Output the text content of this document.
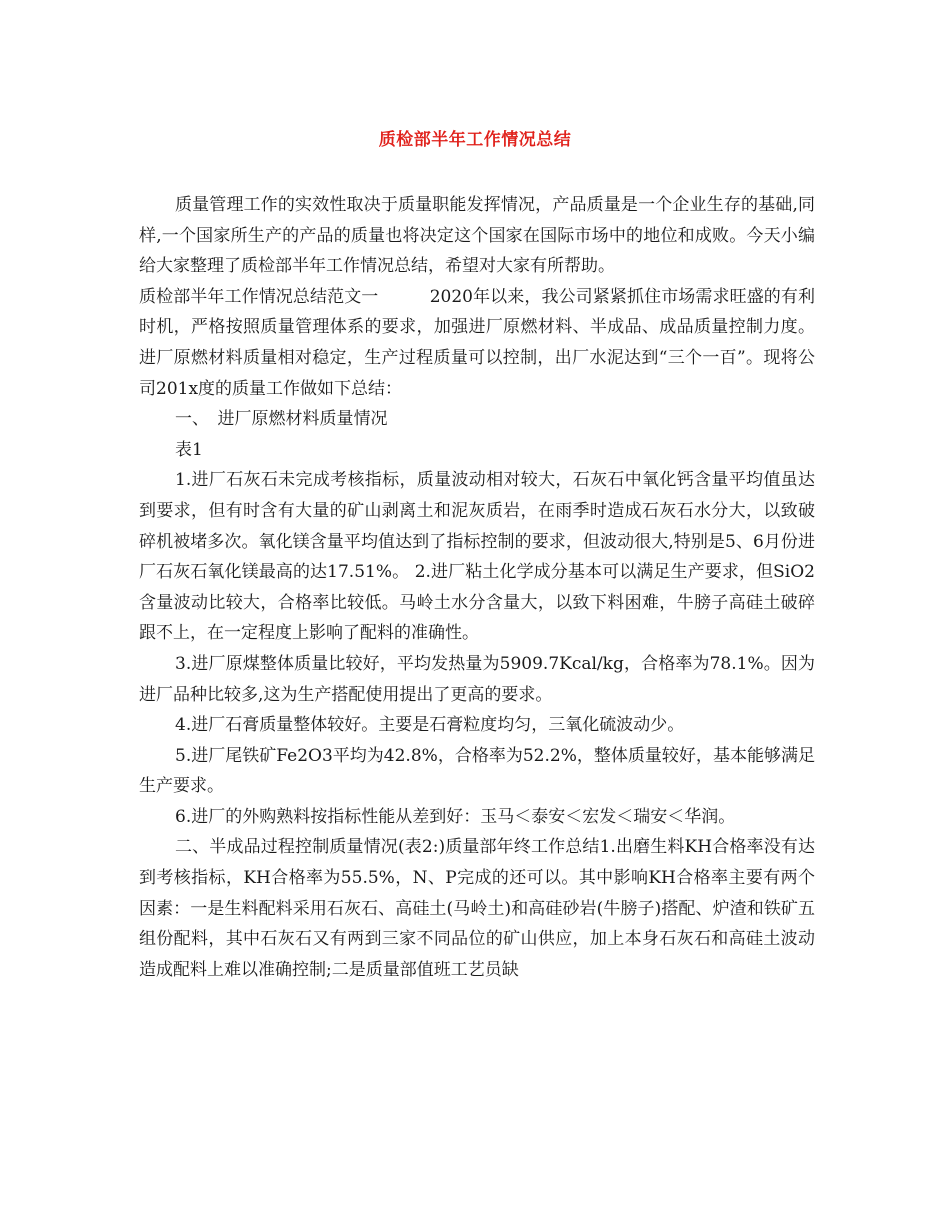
质检部半年工作情况总结

质量管理工作的实效性取决于质量职能发挥情况，产品质量是一个企业生存的基础,同样,一个国家所生产的产品的质量也将决定这个国家在国际市场中的地位和成败。今天小编给大家整理了质检部半年工作情况总结，希望对大家有所帮助。

质检部半年工作情况总结范文一　　　2020年以来，我公司紧紧抓住市场需求旺盛的有利时机，严格按照质量管理体系的要求，加强进厂原燃材料、半成品、成品质量控制力度。进厂原燃材料质量相对稳定，生产过程质量可以控制，出厂水泥达到“三个一百”。现将公司201x度的质量工作做如下总结：

一、　进厂原燃材料质量情况

表1

1.进厂石灰石未完成考核指标，质量波动相对较大，石灰石中氧化钙含量平均值虽达到要求，但有时含有大量的矿山剥离土和泥灰质岩，在雨季时造成石灰石水分大，以致破碎机被堵多次。氧化镁含量平均值达到了指标控制的要求，但波动很大,特别是5、6月份进厂石灰石氧化镁最高的达17.51%。 2.进厂粘土化学成分基本可以满足生产要求，但SiO2含量波动比较大，合格率比较低。马岭土水分含量大，以致下料困难，牛膀子高硅土破碎跟不上，在一定程度上影响了配料的准确性。

3.进厂原煤整体质量比较好，平均发热量为5909.7Kcal/kg，合格率为78.1%。因为进厂品种比较多,这为生产搭配使用提出了更高的要求。

4.进厂石膏质量整体较好。主要是石膏粒度均匀，三氧化硫波动少。

5.进厂尾铁矿Fe2O3平均为42.8%，合格率为52.2%，整体质量较好，基本能够满足生产要求。

6.进厂的外购熟料按指标性能从差到好：玉马＜泰安＜宏发＜瑞安＜华润。

二、半成品过程控制质量情况(表2:)质量部年终工作总结1.出磨生料KH合格率没有达到考核指标，KH合格率为55.5%，N、P完成的还可以。其中影响KH合格率主要有两个因素：一是生料配料采用石灰石、高硅土(马岭土)和高硅砂岩(牛膀子)搭配、炉渣和铁矿五组份配料，其中石灰石又有两到三家不同品位的矿山供应，加上本身石灰石和高硅土波动造成配料上难以准确控制;二是质量部值班工艺员缺
